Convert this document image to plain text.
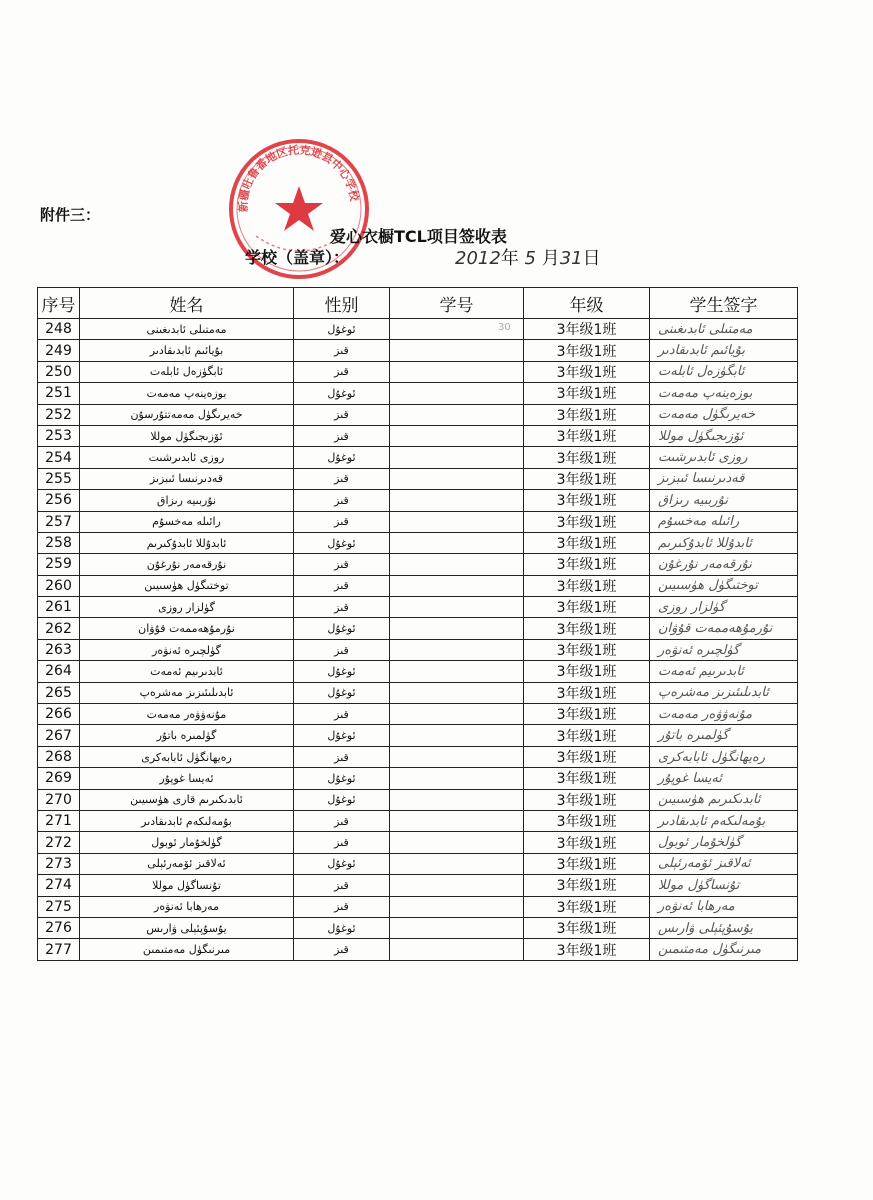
附件三：	新疆吐鲁番地区托克逊县中心学校
爱心衣橱TCL项目签收表
学校（盖章）：	2012年 5 月31日
30
序号	姓名	性别	学号	年级	学生签字
248	مەمتىلى ئابدىغىنى	ئوغۇل		3年级1班	مەمتىلى ئابدىغىنى
249	بۇيائىم ئابدىقادىر	قىز		3年级1班	بۇيائىم ئابدىقادىر
250	ئابگۈزەل ئابلەت	قىز		3年级1班	ئابگۈزەل ئابلەت
251	بوزەينەپ مەمەت	ئوغۇل		3年级1班	بوزەينەپ مەمەت
252	خەيرىگۈل مەمەتتۇرسۇن	قىز		3年级1班	خەيرىگۈل مەمەت
253	ئۆزىجىگۈل موللا	قىز		3年级1班	ئۆزىجىگۈل موللا
254	روزى ئابدىرشىت	ئوغۇل		3年级1班	روزى ئابدىرشىت
255	قەدىرنىسا ئىبزىز	قىز		3年级1班	قەدىرنىسا ئىبزىز
256	نۇربىيە رىزاق	قىز		3年级1班	نۇربىيە رىزاق
257	رائىلە مەخسۇم	قىز		3年级1班	رائىلە مەخسۇم
258	ئابدۇللا ئابدۇكىرىم	ئوغۇل		3年级1班	ئابدۇللا ئابدۇكىرىم
259	نۇرقەمەر نۇرغۇن	قىز		3年级1班	نۇرقەمەر نۇرغۇن
260	توختىگۈل ھۈسىيىن	قىز		3年级1班	توختىگۈل ھۈسىيىن
261	گۈلزار روزى	قىز		3年级1班	گۈلزار روزى
262	نۇرمۇھەممەت قۇۋان	ئوغۇل		3年级1班	نۇرمۇھەممەت قۇۋان
263	گۈلچىرە ئەنۋەر	قىز		3年级1班	گۈلچىرە ئەنۋەر
264	ئابدىرىيم ئەمەت	ئوغۇل		3年级1班	ئابدىرىيم ئەمەت
265	ئابدىلىئىزىز مەشرەپ	ئوغۇل		3年级1班	ئابدىلىئىزىز مەشرەپ
266	مۇنەۋۋەر مەمەت	قىز		3年级1班	مۇنەۋۋەر مەمەت
267	گۈلمىرە باتۇر	ئوغۇل		3年级1班	گۈلمىرە باتۇر
268	رەيھانگۈل ئابابەكرى	قىز		3年级1班	رەيھانگۈل ئابابەكرى
269	ئەيسا غوپۇر	ئوغۇل		3年级1班	ئەيسا غوپۇر
270	ئابدىكىرىم قارى ھۈسىيىن	ئوغۇل		3年级1班	ئابدىكىرىم ھۈسىيىن
271	بۇمەلىكەم ئابدىقادىر	قىز		3年级1班	بۇمەلىكەم ئابدىقادىر
272	گۈلخۇمار ئوبول	قىز		3年级1班	گۈلخۇمار ئوبول
273	ئەلاقىز ئۆمەرئېلى	ئوغۇل		3年级1班	ئەلاقىز ئۆمەرئېلى
274	تۇنساگۈل موللا	قىز		3年级1班	تۇنساگۈل موللا
275	مەرھابا ئەنۋەر	قىز		3年级1班	مەرھابا ئەنۋەر
276	يۇسۇپئېلى ۋارىس	ئوغۇل		3年级1班	يۇسۇپئېلى ۋارىس
277	مىرنىگۈل مەمتىمىن	قىز		3年级1班	مىرنىگۈل مەمتىمىن
